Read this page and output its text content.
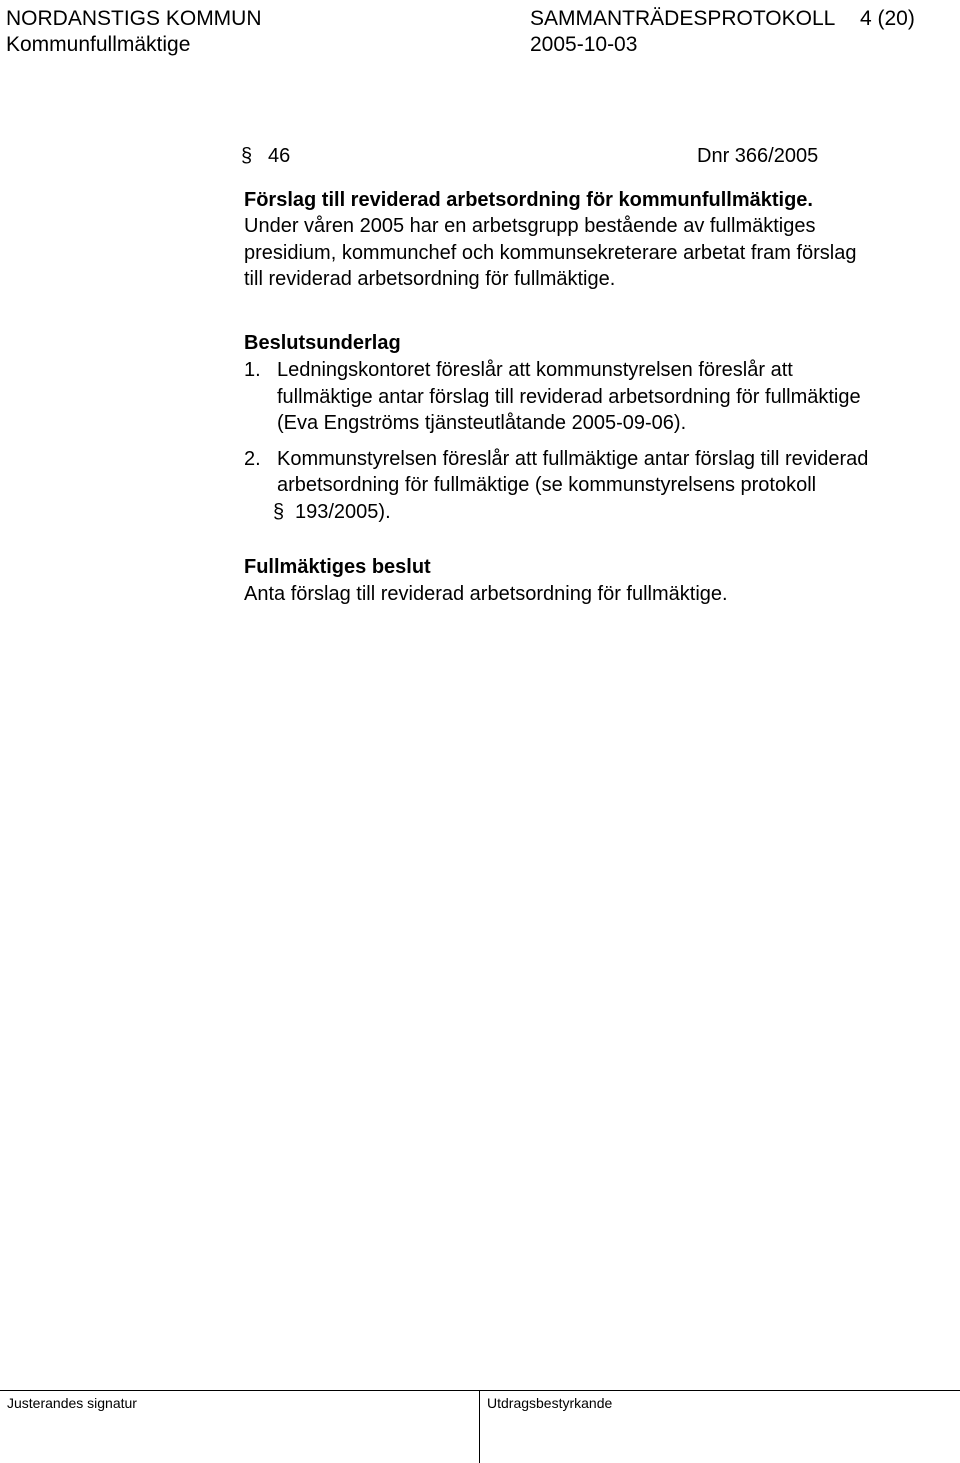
NORDANSTIGS KOMMUN	SAMMANTRÄDESPROTOKOLL 4 (20)
Kommunfullmäktige	2005-10-03
§ 46	Dnr 366/2005
Förslag till reviderad arbetsordning för kommunfullmäktige.
Under våren 2005 har en arbetsgrupp bestående av fullmäktiges
presidium, kommunchef och kommunsekreterare arbetat fram förslag
till reviderad arbetsordning för fullmäktige.
Beslutsunderlag
1. Ledningskontoret föreslår att kommunstyrelsen föreslår att
fullmäktige antar förslag till reviderad arbetsordning för fullmäktige
(Eva Engströms tjänsteutlåtande 2005-09-06).
2. Kommunstyrelsen föreslår att fullmäktige antar förslag till reviderad
arbetsordning för fullmäktige (se kommunstyrelsens protokoll
§ 193/2005).
Fullmäktiges beslut
Anta förslag till reviderad arbetsordning för fullmäktige.
Justerandes signatur	Utdragsbestyrkande
